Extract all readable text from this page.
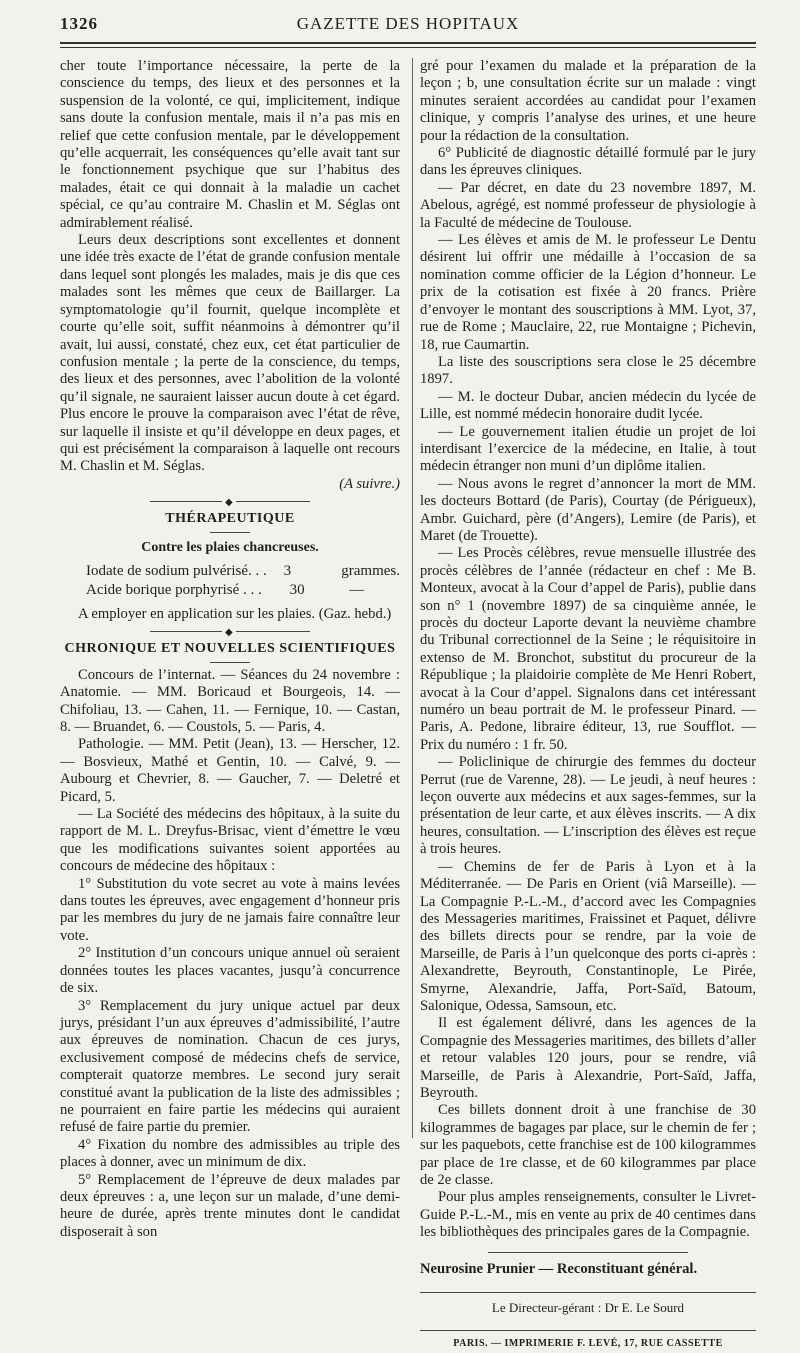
1326	GAZETTE DES HOPITAUX

cher toute l’importance nécessaire, la perte de la conscience du temps, des lieux et des personnes et la suspension de la volonté, ce qui, implicitement, indique sans doute la confusion mentale, mais il n’a pas mis en relief que cette confusion mentale, par le développement qu’elle acquerrait, les conséquences qu’elle avait tant sur le fonctionnement psychique que sur l’habitus des malades, était ce qui donnait à la maladie un cachet spécial, ce qu’au contraire M. Chaslin et M. Séglas ont admirablement réalisé.

Leurs deux descriptions sont excellentes et donnent une idée très exacte de l’état de grande confusion mentale dans lequel sont plongés les malades, mais je dis que ces malades sont les mêmes que ceux de Baillarger. La symptomatologie qu’il fournit, quelque incomplète et courte qu’elle soit, suffit néanmoins à démontrer qu’il avait, lui aussi, constaté, chez eux, cet état particulier de confusion mentale ; la perte de la conscience, du temps, des lieux et des personnes, avec l’abolition de la volonté qu’il signale, ne sauraient laisser aucun doute à cet égard. Plus encore le prouve la comparaison avec l’état de rêve, sur laquelle il insiste et qu’il développe en deux pages, et qui est précisément la comparaison à laquelle ont recours M. Chaslin et M. Séglas.

(A suivre.)
◆
THÉRAPEUTIQUE
Contre les plaies chancreuses.
Iodate de sodium pulvérisé. . .	3	grammes.
Acide borique porphyrisé . . .	30	—

A employer en application sur les plaies. (Gaz. hebd.)

◆
CHRONIQUE ET NOUVELLES SCIENTIFIQUES

Concours de l’internat. — Séances du 24 novembre : Anatomie. — MM. Boricaud et Bourgeois, 14. — Chifoliau, 13. — Cahen, 11. — Fernique, 10. — Castan, 8. — Bruandet, 6. — Coustols, 5. — Paris, 4.

Pathologie. — MM. Petit (Jean), 13. — Herscher, 12. — Bosvieux, Mathé et Gentin, 10. — Calvé, 9. — Aubourg et Chevrier, 8. — Gaucher, 7. — Deletré et Picard, 5.

— La Société des médecins des hôpitaux, à la suite du rapport de M. L. Dreyfus-Brisac, vient d’émettre le vœu que les modifications suivantes soient apportées au concours de médecine des hôpitaux :

1° Substitution du vote secret au vote à mains levées dans toutes les épreuves, avec engagement d’honneur pris par les membres du jury de ne jamais faire connaître leur vote.

2° Institution d’un concours unique annuel où seraient données toutes les places vacantes, jusqu’à concurrence de six.

3° Remplacement du jury unique actuel par deux jurys, présidant l’un aux épreuves d’admissibilité, l’autre aux épreuves de nomination. Chacun de ces jurys, exclusivement composé de médecins chefs de service, compterait quatorze membres. Le second jury serait constitué avant la publication de la liste des admissibles ; ne pourraient en faire partie les médecins qui auraient refusé de faire partie du premier.

4° Fixation du nombre des admissibles au triple des places à donner, avec un minimum de dix.

5° Remplacement de l’épreuve de deux malades par deux épreuves : a, une leçon sur un malade, d’une demi-heure de durée, après trente minutes dont le candidat disposerait à son

gré pour l’examen du malade et la préparation de la leçon ; b, une consultation écrite sur un malade : vingt minutes seraient accordées au candidat pour l’examen clinique, y compris l’analyse des urines, et une heure pour la rédaction de la consultation.

6° Publicité de diagnostic détaillé formulé par le jury dans les épreuves cliniques.

— Par décret, en date du 23 novembre 1897, M. Abelous, agrégé, est nommé professeur de physiologie à la Faculté de médecine de Toulouse.

— Les élèves et amis de M. le professeur Le Dentu désirent lui offrir une médaille à l’occasion de sa nomination comme officier de la Légion d’honneur. Le prix de la cotisation est fixée à 20 francs. Prière d’envoyer le montant des souscriptions à MM. Lyot, 37, rue de Rome ; Mauclaire, 22, rue Montaigne ; Pichevin, 18, rue Caumartin.

La liste des souscriptions sera close le 25 décembre 1897.

— M. le docteur Dubar, ancien médecin du lycée de Lille, est nommé médecin honoraire dudit lycée.

— Le gouvernement italien étudie un projet de loi interdisant l’exercice de la médecine, en Italie, à tout médecin étranger non muni d’un diplôme italien.

— Nous avons le regret d’annoncer la mort de MM. les docteurs Bottard (de Paris), Courtay (de Périgueux), Ambr. Guichard, père (d’Angers), Lemire (de Paris), et Maret (de Trouette).

— Les Procès célèbres, revue mensuelle illustrée des procès célèbres de l’année (rédacteur en chef : Me B. Monteux, avocat à la Cour d’appel de Paris), publie dans son n° 1 (novembre 1897) de sa cinquième année, le procès du docteur Laporte devant la neuvième chambre du Tribunal correctionnel de la Seine ; le réquisitoire in extenso de M. Bronchot, substitut du procureur de la République ; la plaidoirie complète de Me Henri Robert, avocat à la Cour d’appel. Signalons dans cet intéressant numéro un beau portrait de M. le professeur Pinard. — Paris, A. Pedone, libraire éditeur, 13, rue Soufflot. — Prix du numéro : 1 fr. 50.

— Policlinique de chirurgie des femmes du docteur Perrut (rue de Varenne, 28). — Le jeudi, à neuf heures : leçon ouverte aux médecins et aux sages-femmes, sur la présentation de leur carte, et aux élèves inscrits. — A dix heures, consultation. — L’inscription des élèves est reçue à trois heures.

— Chemins de fer de Paris à Lyon et à la Méditerranée. — De Paris en Orient (viâ Marseille). — La Compagnie P.-L.-M., d’accord avec les Compagnies des Messageries maritimes, Fraissinet et Paquet, délivre des billets directs pour se rendre, par la voie de Marseille, de Paris à l’un quelconque des ports ci-après : Alexandrette, Beyrouth, Constantinople, Le Pirée, Smyrne, Alexandrie, Jaffa, Port-Saïd, Batoum, Salonique, Odessa, Samsoun, etc.

Il est également délivré, dans les agences de la Compagnie des Messageries maritimes, des billets d’aller et retour valables 120 jours, pour se rendre, viâ Marseille, de Paris à Alexandrie, Port-Saïd, Jaffa, Beyrouth.

Ces billets donnent droit à une franchise de 30 kilogrammes de bagages par place, sur le chemin de fer ; sur les paquebots, cette franchise est de 100 kilogrammes par place de 1re classe, et de 60 kilogrammes par place de 2e classe.

Pour plus amples renseignements, consulter le Livret-Guide P.-L.-M., mis en vente au prix de 40 centimes dans les bibliothèques des principales gares de la Compagnie.

Neurosine Prunier — Reconstituant général.
Le Directeur-gérant : Dr E. Le Sourd
PARIS. — IMPRIMERIE F. LEVÉ, 17, RUE CASSETTE
